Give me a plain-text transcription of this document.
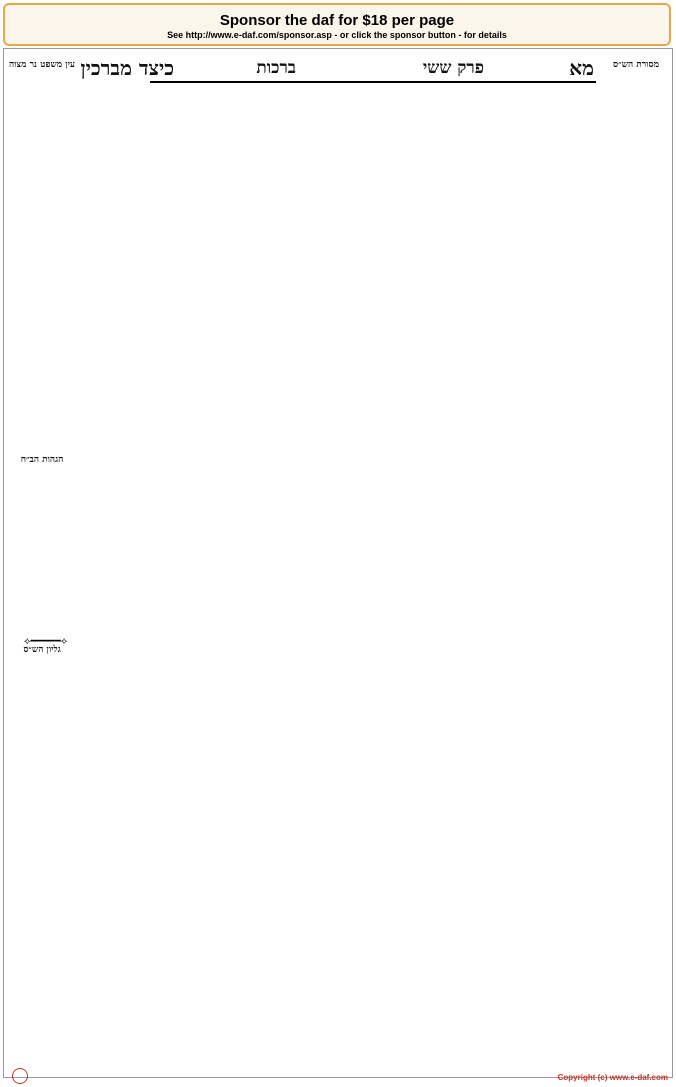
Sponsor the daf for $18 per page
See http://www.e-daf.com/sponsor.asp - or click the sponsor button - for details
מא
פרק ששי
ברכות
כיצד מברכין	מסורת הש״ס
עין משפט נר מצוה
הגהות הב״ח
גליון הש״ס
⟡━━━━━⟡
Copyright (c) www.e-daf.com
